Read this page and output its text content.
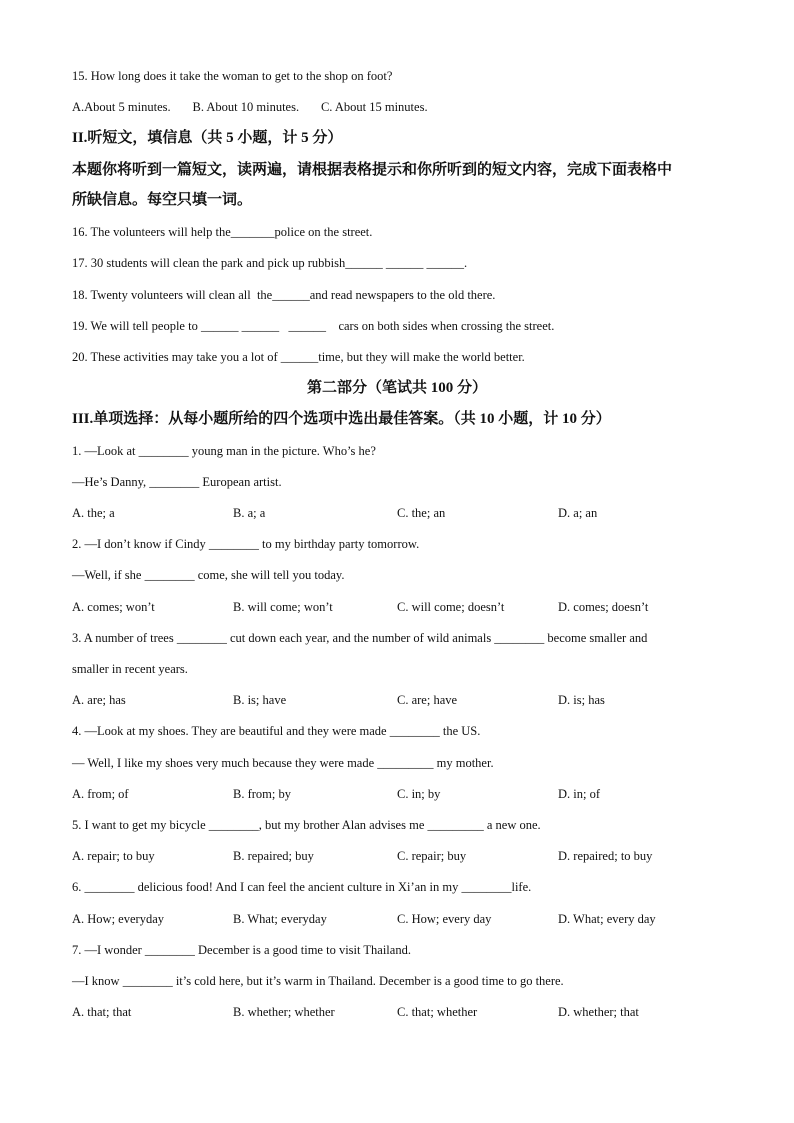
15. How long does it take the woman to get to the shop on foot?
A.About 5 minutes.       B. About 10 minutes.       C. About 15 minutes.
II.听短文，填信息（共 5 小题，计 5 分）
本题你将听到一篇短文，读两遍，请根据表格提示和你所听到的短文内容，完成下面表格中
所缺信息。每空只填一词。
16. The volunteers will help the_______police on the street.
17. 30 students will clean the park and pick up rubbish______ ______ ______.
18. Twenty volunteers will clean all  the______and read newspapers to the old there.
19. We will tell people to ______ ______   ______    cars on both sides when crossing the street.
20. These activities may take you a lot of ______time, but they will make the world better.
第二部分（笔试共 100 分）
III.单项选择：从每小题所给的四个选项中选出最佳答案。（共 10 小题，计 10 分）
1. —Look at ________ young man in the picture. Who’s he?
—He’s Danny, ________ European artist.
A. the; a	B. a; a	C. the; an	D. a; an
2. —I don’t know if Cindy ________ to my birthday party tomorrow.
—Well, if she ________ come, she will tell you today.
A. comes; won’t	B. will come; won’t	C. will come; doesn’t	D. comes; doesn’t
3. A number of trees ________ cut down each year, and the number of wild animals ________ become smaller and
smaller in recent years.
A. are; has	B. is; have	C. are; have	D. is; has
4. —Look at my shoes. They are beautiful and they were made ________ the US.
— Well, I like my shoes very much because they were made _________ my mother.
A. from; of	B. from; by	C. in; by	D. in; of
5. I want to get my bicycle ________, but my brother Alan advises me _________ a new one.
A. repair; to buy	B. repaired; buy	C. repair; buy	D. repaired; to buy
6. ________ delicious food! And I can feel the ancient culture in Xi’an in my ________life.
A. How; everyday	B. What; everyday	C. How; every day	D. What; every day
7. —I wonder ________ December is a good time to visit Thailand.
—I know ________ it’s cold here, but it’s warm in Thailand. December is a good time to go there.
A. that; that	B. whether; whether	C. that; whether	D. whether; that
